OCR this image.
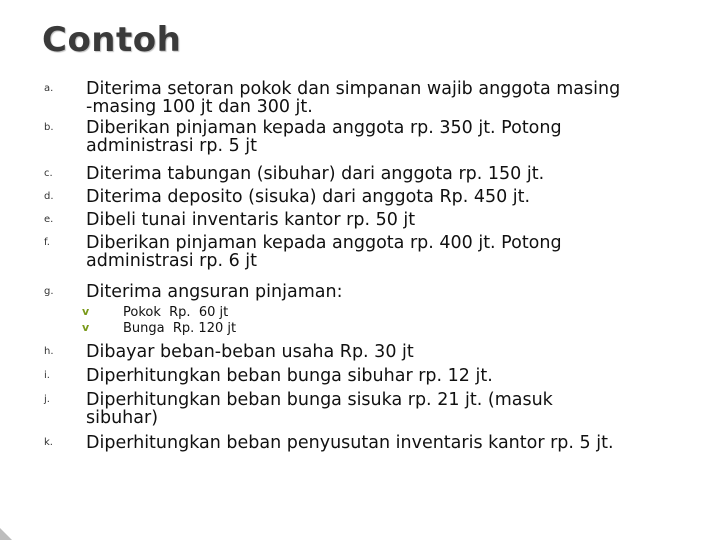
Contoh
a. Diterima setoran pokok dan simpanan wajib anggota masing
-masing 100 jt dan 300 jt.
b. Diberikan pinjaman kepada anggota rp. 350 jt. Potong
administrasi rp. 5 jt
c. Diterima tabungan (sibuhar) dari anggota rp. 150 jt.
d. Diterima deposito (sisuka) dari anggota Rp. 450 jt.
e. Dibeli tunai inventaris kantor rp. 50 jt
f. Diberikan pinjaman kepada anggota rp. 400 jt. Potong
administrasi rp. 6 jt
g. Diterima angsuran pinjaman:
v	Pokok  Rp.  60 jt
v	Bunga  Rp. 120 jt
h. Dibayar beban-beban usaha Rp. 30 jt
i. Diperhitungkan beban bunga sibuhar rp. 12 jt.
j. Diperhitungkan beban bunga sisuka rp. 21 jt. (masuk
sibuhar)
k. Diperhitungkan beban penyusutan inventaris kantor rp. 5 jt.
